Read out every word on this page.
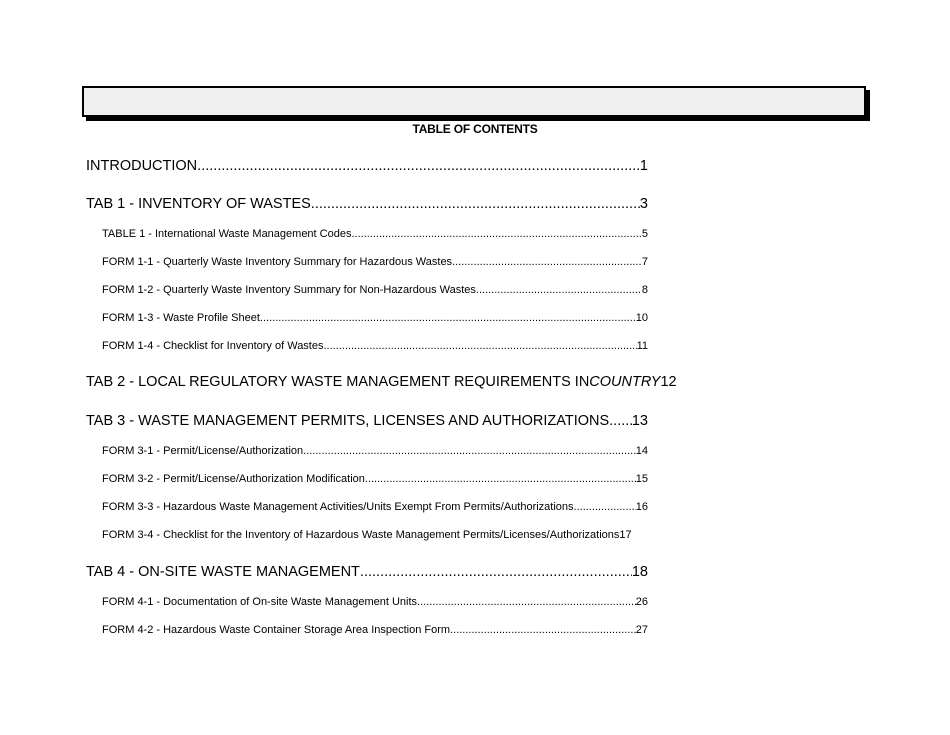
TABLE OF CONTENTS
INTRODUCTION .....	1
TAB 1 - INVENTORY OF WASTES .....	3
TABLE 1 - International Waste Management Codes .....	5
FORM 1-1 - Quarterly Waste Inventory Summary for Hazardous Wastes .....	7
FORM 1-2 - Quarterly Waste Inventory Summary for Non-Hazardous Wastes .....	8
FORM 1-3 - Waste Profile Sheet .....	10
FORM 1-4 - Checklist for Inventory of Wastes .....	11
TAB 2 - LOCAL REGULATORY WASTE MANAGEMENT REQUIREMENTS IN COUNTRY 12
TAB 3 - WASTE MANAGEMENT PERMITS, LICENSES AND AUTHORIZATIONS ..... 13
FORM 3-1 - Permit/License/Authorization .....	14
FORM 3-2 - Permit/License/Authorization Modification .....	15
FORM 3-3 - Hazardous Waste Management Activities/Units Exempt From Permits/Authorizations .....	16
FORM 3-4 - Checklist for the Inventory of Hazardous Waste Management Permits/Licenses/Authorizations 17
TAB 4 - ON-SITE WASTE MANAGEMENT .....	18
FORM 4-1 - Documentation of On-site Waste Management Units .....	26
FORM 4-2 - Hazardous Waste Container Storage Area Inspection Form .....	27
